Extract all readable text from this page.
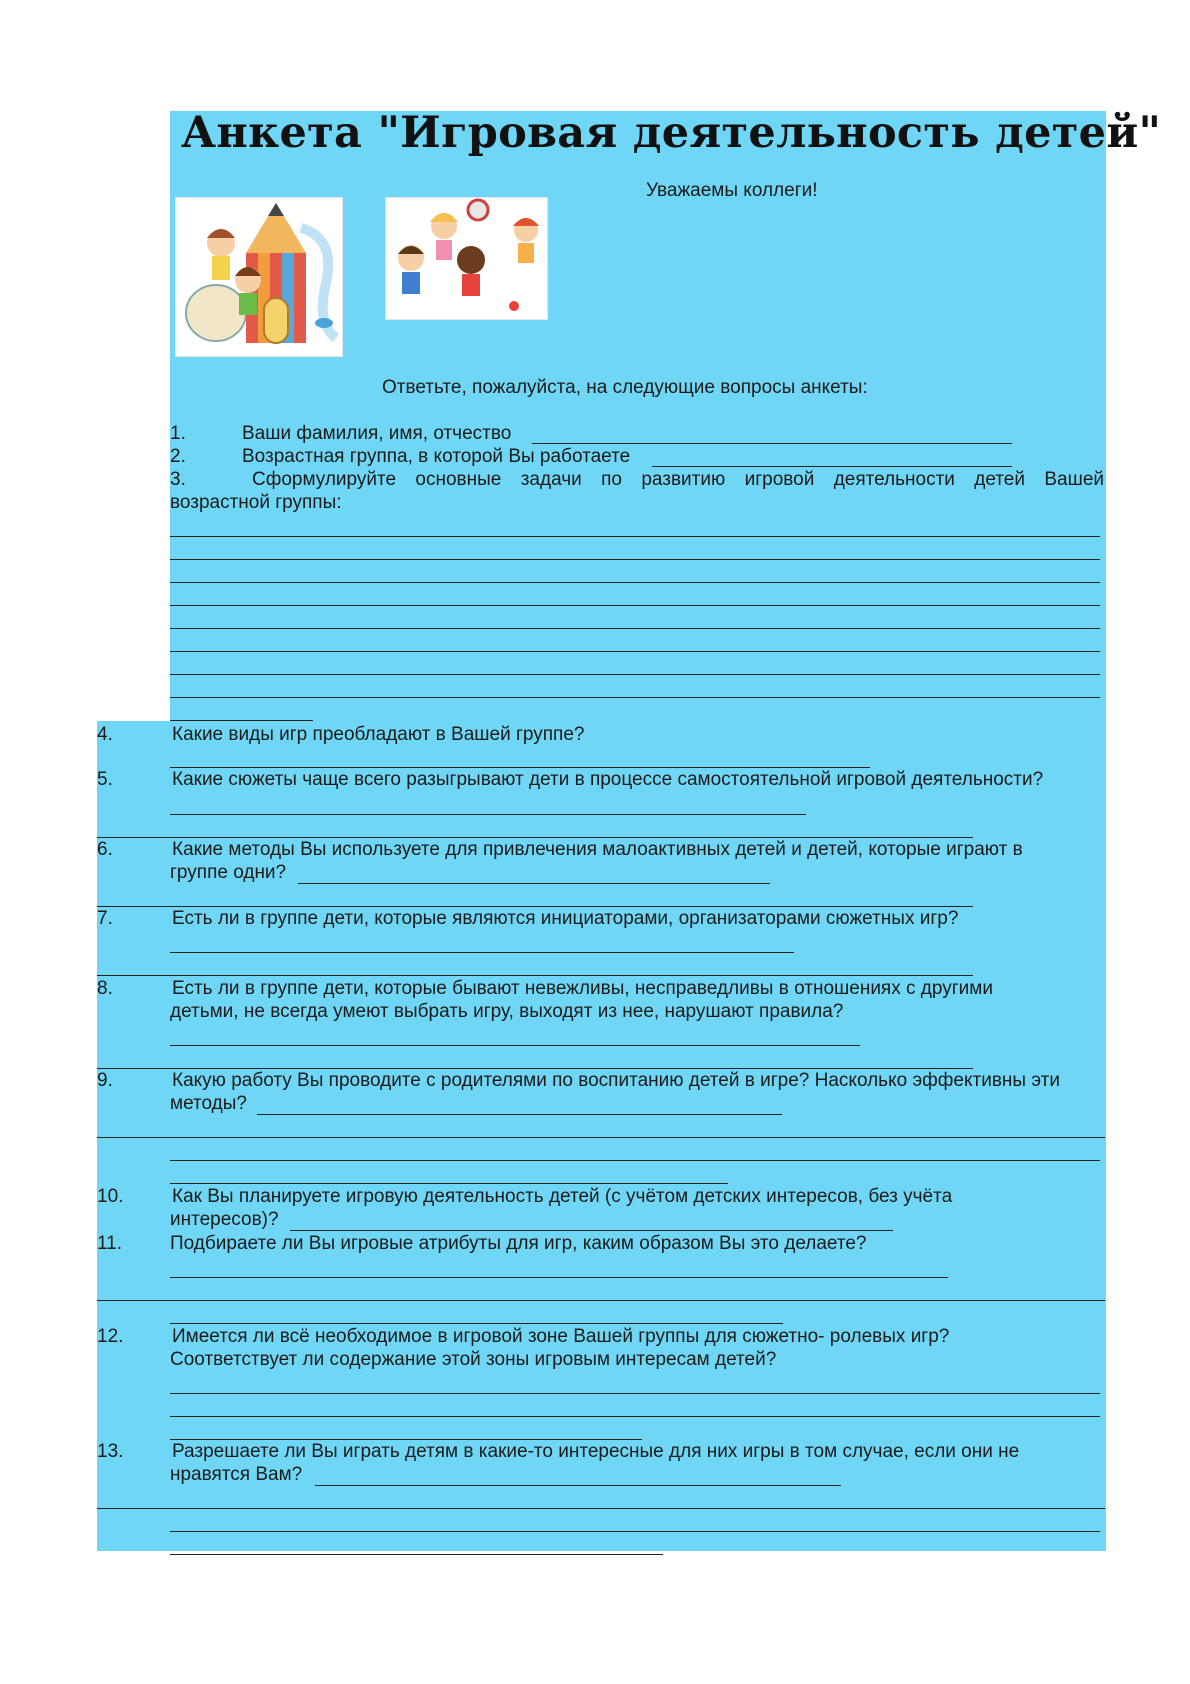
Анкета "Игровая деятельность детей"
Уважаемы коллеги!
Ответьте, пожалуйста, на следующие вопросы анкеты:
1.	Ваши фамилия, имя, отчество
2.	Возрастная группа, в которой Вы работаете
3.	Сформулируйте основные задачи по развитию игровой деятельности детей Вашей
возрастной группы:
4.	Какие виды игр преобладают в Вашей группе?
5.	Какие сюжеты чаще всего разыгрывают дети в процессе самостоятельной игровой деятельности?
6.	Какие методы Вы используете для привлечения малоактивных детей и детей, которые играют в
группе одни?
7.	Есть ли в группе дети, которые являются инициаторами, организаторами сюжетных игр?
8.	Есть ли в группе дети, которые бывают невежливы, несправедливы в отношениях с другими
детьми, не всегда умеют выбрать игру, выходят из нее, нарушают правила?
9.	Какую работу Вы проводите с родителями по воспитанию детей в игре? Насколько эффективны эти
методы?
10.	Как Вы планируете игровую деятельность детей (с учётом детских интересов, без учёта
интересов)?
11.	Подбираете ли Вы игровые атрибуты для игр, каким образом Вы это делаете?
12.	Имеется ли всё необходимое в игровой зоне Вашей группы для сюжетно- ролевых игр?
Соответствует ли содержание этой зоны игровым интересам детей?
13.	Разрешаете ли Вы играть детям в какие-то интересные для них игры в том случае, если они не
нравятся Вам?
